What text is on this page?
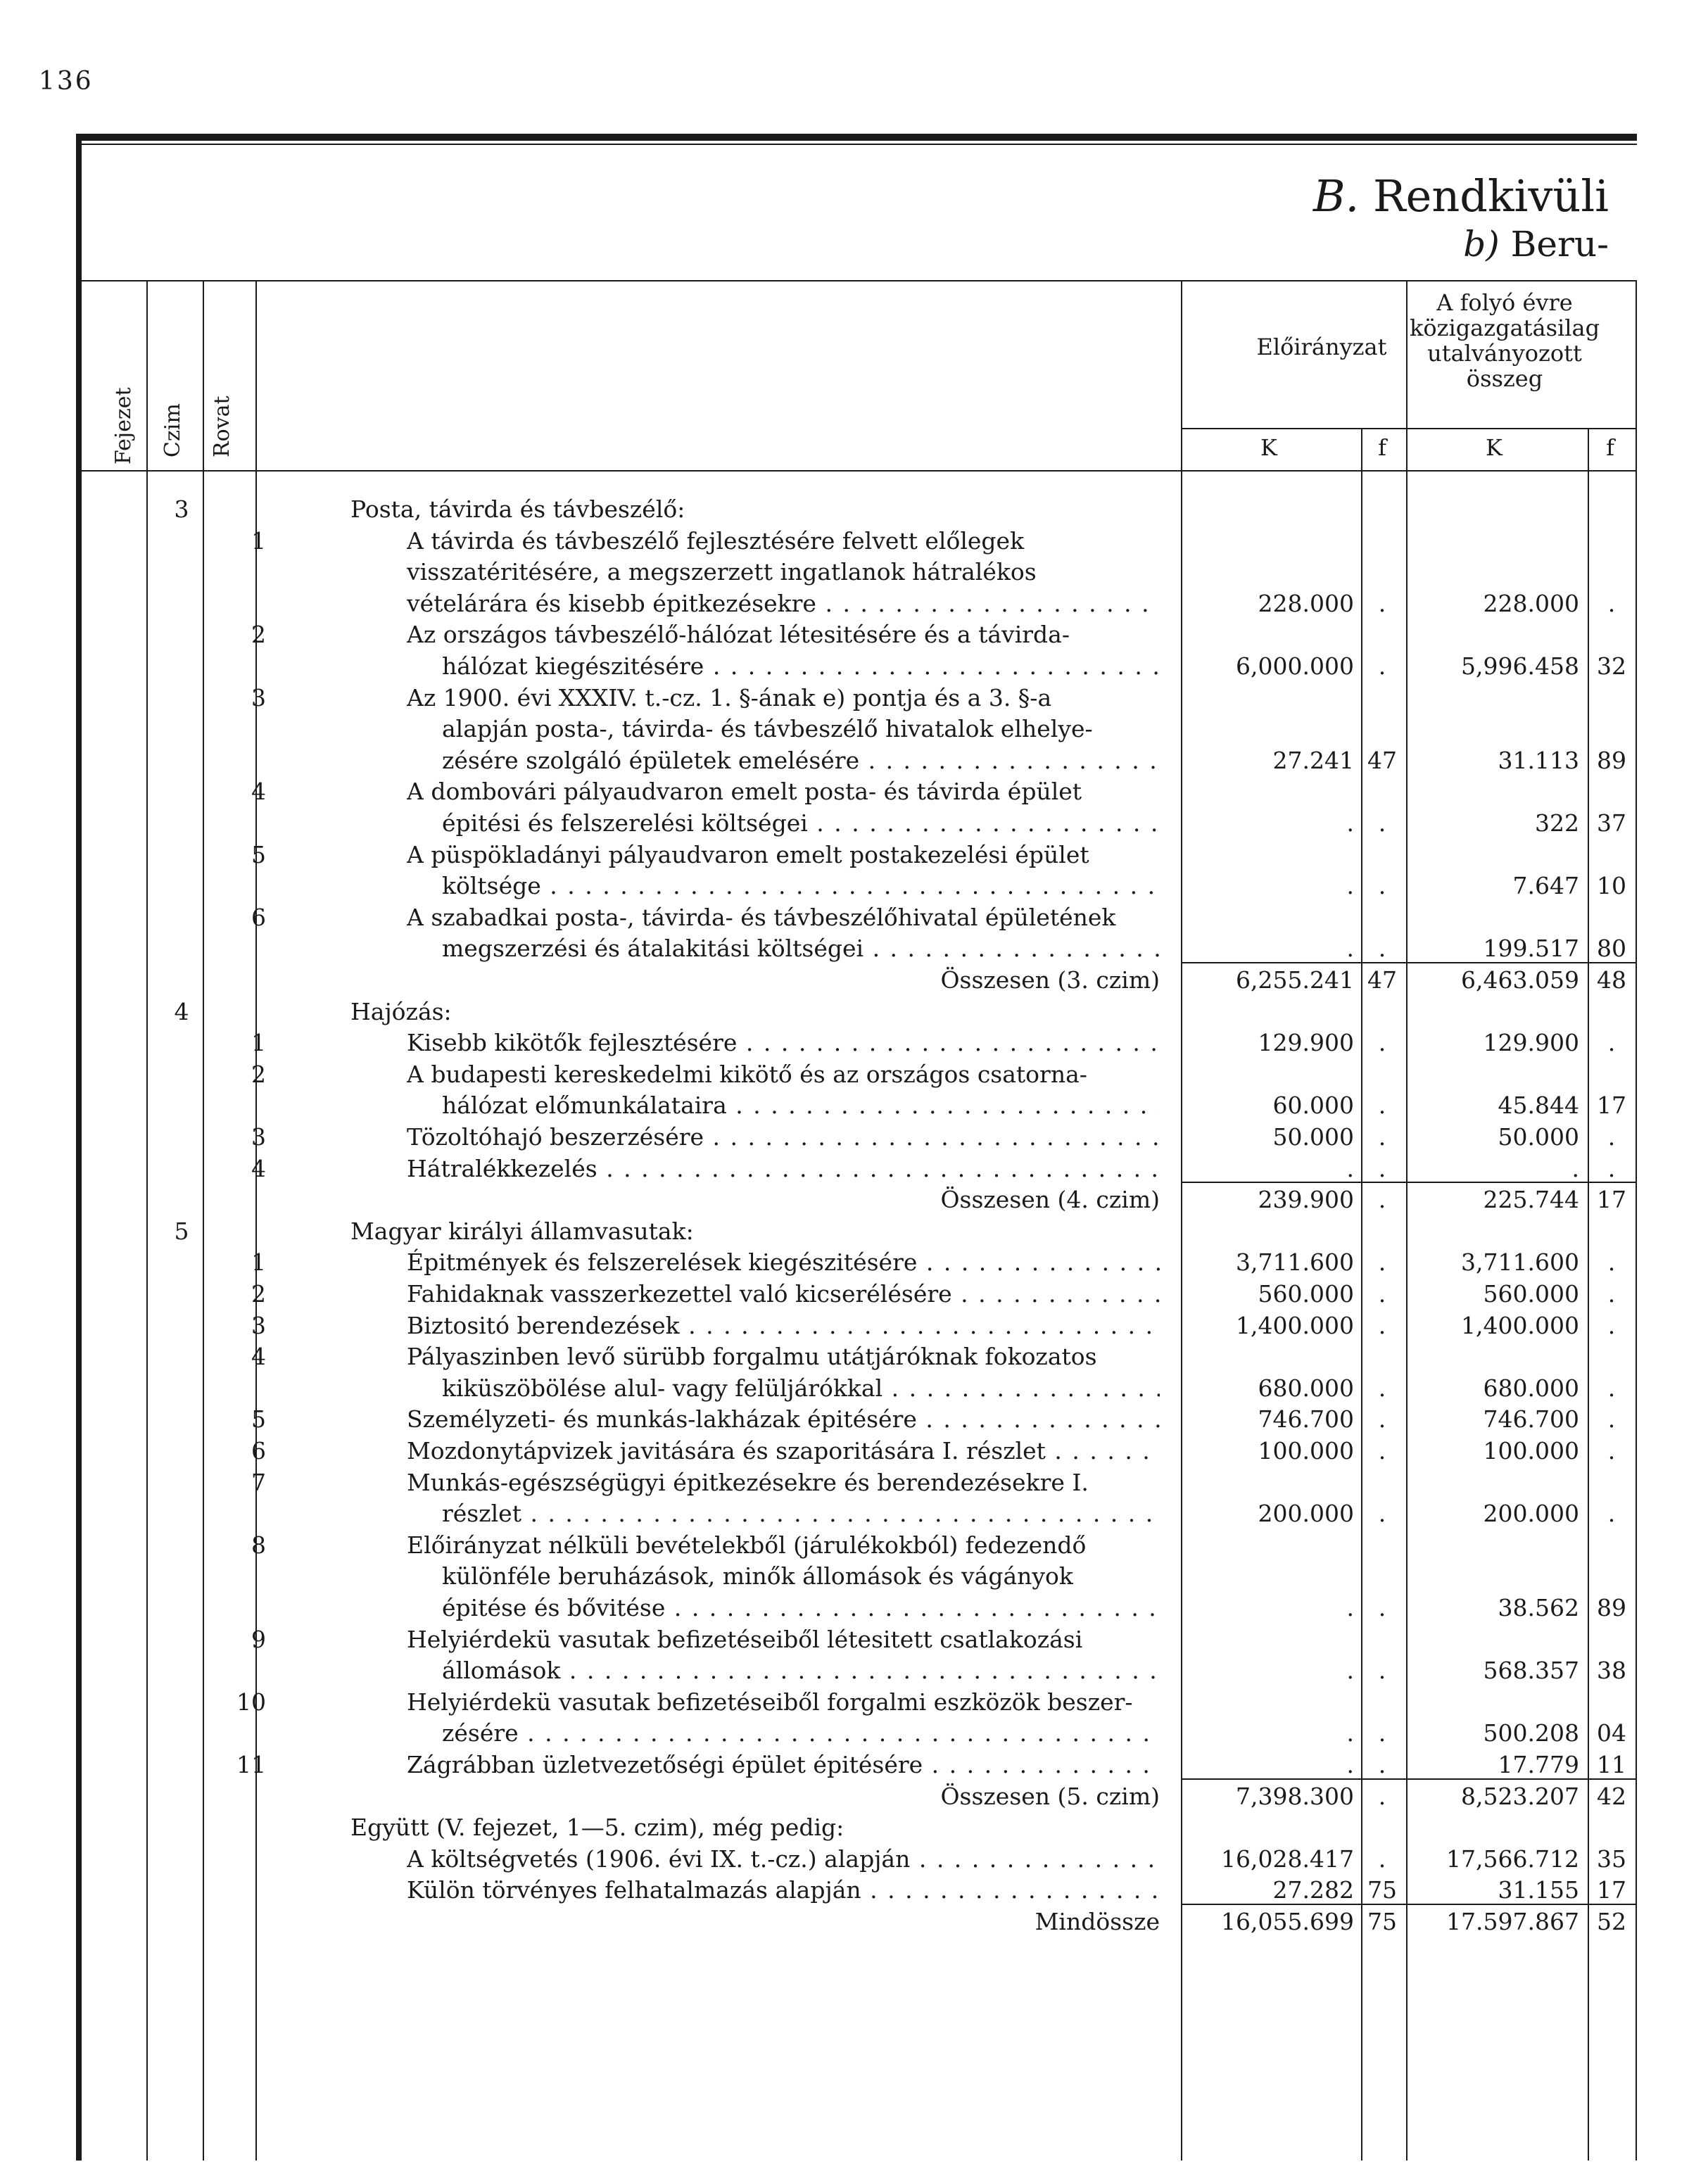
136
B. Rendkivüli
b) Beru-
Fejezet Czim Rovat
Előirányzat
A folyó évre
közigazgatásilag
utalványozott
összeg
K	f	K	f
3	Posta, távirda és távbeszélő:
1	A távirda és távbeszélő fejlesztésére felvett előlegek
visszatéritésére, a megszerzett ingatlanok hátralékos
vételárára és kisebb épitkezésekre . . .	228.000	.	228.000	.
2	Az országos távbeszélő-hálózat létesitésére és a távirda-
hálózat kiegészitésére . . .	6,000.000	.	5,996.458 32
3	Az 1900. évi XXXIV. t.-cz. 1. §-ának e) pontja és a 3. §-a
alapján posta-, távirda- és távbeszélő hivatalok elhelye-
zésére szolgáló épületek emelésére . . .	27.241 47	31.113 89
4	A dombovári pályaudvaron emelt posta- és távirda épület
épitési és felszerelési költségei . . .	.	.	322 37
5	A püspökladányi pályaudvaron emelt postakezelési épület
költsége . . .	.	.	7.647 10
6	A szabadkai posta-, távirda- és távbeszélőhivatal épületének
megszerzési és átalakitási költségei . . .	.	.	199.517 80
Összesen (3. czim)	6,255.241 47	6,463.059 48
4	Hajózás:
1	Kisebb kikötők fejlesztésére . . .	129.900	.	129.900	.
2	A budapesti kereskedelmi kikötő és az országos csatorna-
hálózat előmunkálataira . . .	60.000	.	45.844 17
3	Tözoltóhajó beszerzésére . . .	50.000	.	50.000	.
4	Hátralékkezelés . . .	.	.	.	.
Összesen (4. czim)	239.900	.	225.744 17
5	Magyar királyi államvasutak:
1	Épitmények és felszerelések kiegészitésére . . .	3,711.600	.	3,711.600	.
2	Fahidaknak vasszerkezettel való kicserélésére . . .	560.000	.	560.000	.
3	Biztositó berendezések . . .	1,400.000	.	1,400.000	.
4	Pályaszinben levő sürübb forgalmu utátjáróknak fokozatos
kiküszöbölése alul- vagy felüljárókkal . . .	680.000	.	680.000	.
5	Személyzeti- és munkás-lakházak épitésére . . .	746.700	.	746.700	.
6	Mozdonytápvizek javitására és szaporitására I. részlet . . .	100.000	.	100.000	.
7	Munkás-egészségügyi épitkezésekre és berendezésekre I.
részlet . . .	200.000	.	200.000	.
8	Előirányzat nélküli bevételekből (járulékokból) fedezendő
különféle beruházások, minők állomások és vágányok
épitése és bővitése . . .	.	.	38.562 89
9	Helyiérdekü vasutak befizetéseiből létesitett csatlakozási
állomások . . .	.	.	568.357 38
10	Helyiérdekü vasutak befizetéseiből forgalmi eszközök beszer-
zésére . . .	.	.	500.208 04
11	Zágrábban üzletvezetőségi épület épitésére . . .	.	.	17.779 11
Összesen (5. czim)	7,398.300	.	8,523.207 42
Együtt (V. fejezet, 1—5. czim), még pedig:
A költségvetés (1906. évi IX. t.-cz.) alapján . . .	16,028.417	.	17,566.712 35
Külön törvényes felhatalmazás alapján . . .	27.282 75	31.155 17
Mindössze	16,055.699 75	17.597.867 52
